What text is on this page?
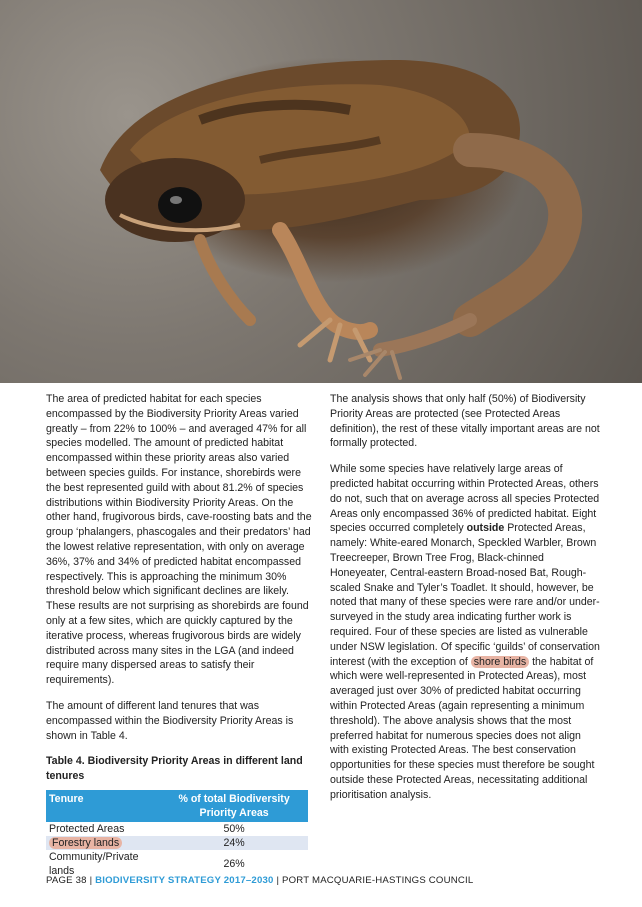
The area of predicted habitat for each species encompassed by the Biodiversity Priority Areas varied greatly – from 22% to 100% – and averaged 47% for all species modelled. The amount of predicted habitat encompassed within these priority areas also varied between species guilds. For instance, shorebirds were the best represented guild with about 81.2% of species distributions within Biodiversity Priority Areas. On the other hand, frugivorous birds, cave-roosting bats and the group ‘phalangers, phascogales and their predators’ had the lowest relative representation, with only on average 36%, 37% and 34% of predicted habitat encompassed respectively. This is approaching the minimum 30% threshold below which significant declines are likely. These results are not surprising as shorebirds are found only at a few sites, which are quickly captured by the iterative process, whereas frugivorous birds are widely distributed across many sites in the LGA (and indeed require many dispersed areas to satisfy their requirements).

The amount of different land tenures that was encompassed within the Biodiversity Priority Areas is shown in Table 4.

Table 4. Biodiversity Priority Areas in different land tenures
Tenure	% of total Biodiversity Priority Areas
Protected Areas	50%
Forestry lands	24%
Community/Private lands	26%

The analysis shows that only half (50%) of Biodiversity Priority Areas are protected (see Protected Areas definition), the rest of these vitally important areas are not formally protected.

While some species have relatively large areas of predicted habitat occurring within Protected Areas, others do not, such that on average across all species Protected Areas only encompassed 36% of predicted habitat. Eight species occurred completely outside Protected Areas, namely: White-eared Monarch, Speckled Warbler, Brown Treecreeper, Brown Tree Frog, Black-chinned Honeyeater, Central-eastern Broad-nosed Bat, Rough-scaled Snake and Tyler’s Toadlet. It should, however, be noted that many of these species were rare and/or under-surveyed in the study area indicating further work is required. Four of these species are listed as vulnerable under NSW legislation. Of specific ‘guilds’ of conservation interest (with the exception of shore birds the habitat of which were well-represented in Protected Areas), most averaged just over 30% of predicted habitat occurring within Protected Areas (again representing a minimum threshold). The above analysis shows that the most preferred habitat for numerous species does not align with existing Protected Areas. The best conservation opportunities for these species must therefore be sought outside these Protected Areas, necessitating additional prioritisation analysis.

PAGE 38 | BIODIVERSITY STRATEGY 2017–2030 | PORT MACQUARIE-HASTINGS COUNCIL
